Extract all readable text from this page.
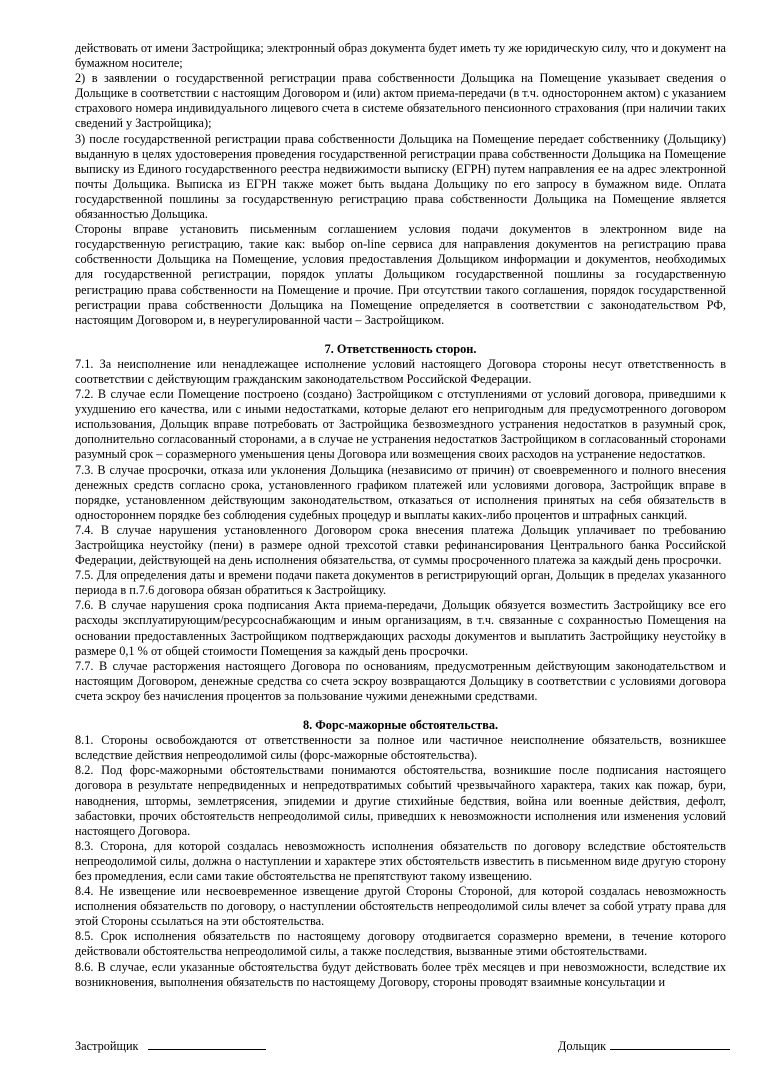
действовать от имени Застройщика; электронный образ документа будет иметь ту же юридическую силу, что и документ на бумажном носителе;

2) в заявлении о государственной регистрации права собственности Дольщика на Помещение указывает сведения о Дольщике в соответствии с настоящим Договором и (или) актом приема-передачи (в т.ч. одностороннем актом) с указанием страхового номера индивидуального лицевого счета в системе обязательного пенсионного страхования (при наличии таких сведений у Застройщика);

3) после государственной регистрации права собственности Дольщика на Помещение передает собственнику (Дольщику) выданную в целях удостоверения проведения государственной регистрации права собственности Дольщика на Помещение выписку из Единого государственного реестра недвижимости выписку (ЕГРН) путем направления ее на адрес электронной почты Дольщика. Выписка из ЕГРН также может быть выдана Дольщику по его запросу в бумажном виде. Оплата государственной пошлины за государственную регистрацию права собственности Дольщика на Помещение является обязанностью Дольщика.

Стороны вправе установить письменным соглашением условия подачи документов в электронном виде на государственную регистрацию, такие как: выбор on-line сервиса для направления документов на регистрацию права собственности Дольщика на Помещение, условия предоставления Дольщиком информации и документов, необходимых для государственной регистрации, порядок уплаты Дольщиком государственной пошлины за государственную регистрацию права собственности на Помещение и прочие. При отсутствии такого соглашения, порядок государственной регистрации права собственности Дольщика на Помещение определяется в соответствии с законодательством РФ, настоящим Договором и, в неурегулированной части – Застройщиком.

7. Ответственность сторон.

7.1. За неисполнение или ненадлежащее исполнение условий настоящего Договора стороны несут ответственность в соответствии с действующим гражданским законодательством Российской Федерации.

7.2. В случае если Помещение построено (создано) Застройщиком с отступлениями от условий договора, приведшими к ухудшению его качества, или с иными недостатками, которые делают его непригодным для предусмотренного договором использования, Дольщик вправе потребовать от Застройщика безвозмездного устранения недостатков в разумный срок, дополнительно согласованный сторонами, а в случае не устранения недостатков Застройщиком в согласованный сторонами разумный срок – соразмерного уменьшения цены Договора или возмещения своих расходов на устранение недостатков.

7.3. В случае просрочки, отказа или уклонения Дольщика (независимо от причин) от своевременного и полного внесения денежных средств согласно срока, установленного графиком платежей или условиями договора, Застройщик вправе в порядке, установленном действующим законодательством, отказаться от исполнения принятых на себя обязательств в одностороннем порядке без соблюдения судебных процедур и выплаты каких-либо процентов и штрафных санкций.

7.4. В случае нарушения установленного Договором срока внесения платежа Дольщик уплачивает по требованию Застройщика неустойку (пени) в размере одной трехсотой ставки рефинансирования Центрального банка Российской Федерации, действующей на день исполнения обязательства, от суммы просроченного платежа за каждый день просрочки.

7.5. Для определения даты и времени подачи пакета документов в регистрирующий орган, Дольщик в пределах указанного периода в п.7.6 договора обязан обратиться к Застройщику.

7.6. В случае нарушения срока подписания Акта приема-передачи, Дольщик обязуется возместить Застройщику все его расходы эксплуатирующим/ресурсоснабжающим и иным организациям, в т.ч. связанные с сохранностью Помещения на основании предоставленных Застройщиком подтверждающих расходы документов и выплатить Застройщику неустойку в размере 0,1 % от общей стоимости Помещения за каждый день просрочки.

7.7. В случае расторжения настоящего Договора по основаниям, предусмотренным действующим законодательством и настоящим Договором, денежные средства со счета эскроу возвращаются Дольщику в соответствии с условиями договора счета эскроу без начисления процентов за пользование чужими денежными средствами.

8. Форс-мажорные обстоятельства.

8.1. Стороны освобождаются от ответственности за полное или частичное неисполнение обязательств, возникшее вследствие действия непреодолимой силы (форс-мажорные обстоятельства).

8.2. Под форс-мажорными обстоятельствами понимаются обстоятельства, возникшие после подписания настоящего договора в результате непредвиденных и непредотвратимых событий чрезвычайного характера, таких как пожар, бури, наводнения, штормы, землетрясения, эпидемии и другие стихийные бедствия, война или военные действия, дефолт, забастовки, прочих обстоятельств непреодолимой силы, приведших к невозможности исполнения или изменения условий настоящего Договора.

8.3. Сторона, для которой создалась невозможность исполнения обязательств по договору вследствие обстоятельств непреодолимой силы, должна о наступлении и характере этих обстоятельств известить в письменном виде другую сторону без промедления, если сами такие обстоятельства не препятствуют такому извещению.

8.4. Не извещение или несвоевременное извещение другой Стороны Стороной, для которой создалась невозможность исполнения обязательств по договору, о наступлении обстоятельств непреодолимой силы влечет за собой утрату права для этой Стороны ссылаться на эти обстоятельства.

8.5. Срок исполнения обязательств по настоящему договору отодвигается соразмерно времени, в течение которого действовали обстоятельства непреодолимой силы, а также последствия, вызванные этими обстоятельствами.

8.6. В случае, если указанные обстоятельства будут действовать более трёх месяцев и при невозможности, вследствие их возникновения, выполнения обязательств по настоящему Договору, стороны проводят взаимные консультации и

Застройщик	Дольщик
